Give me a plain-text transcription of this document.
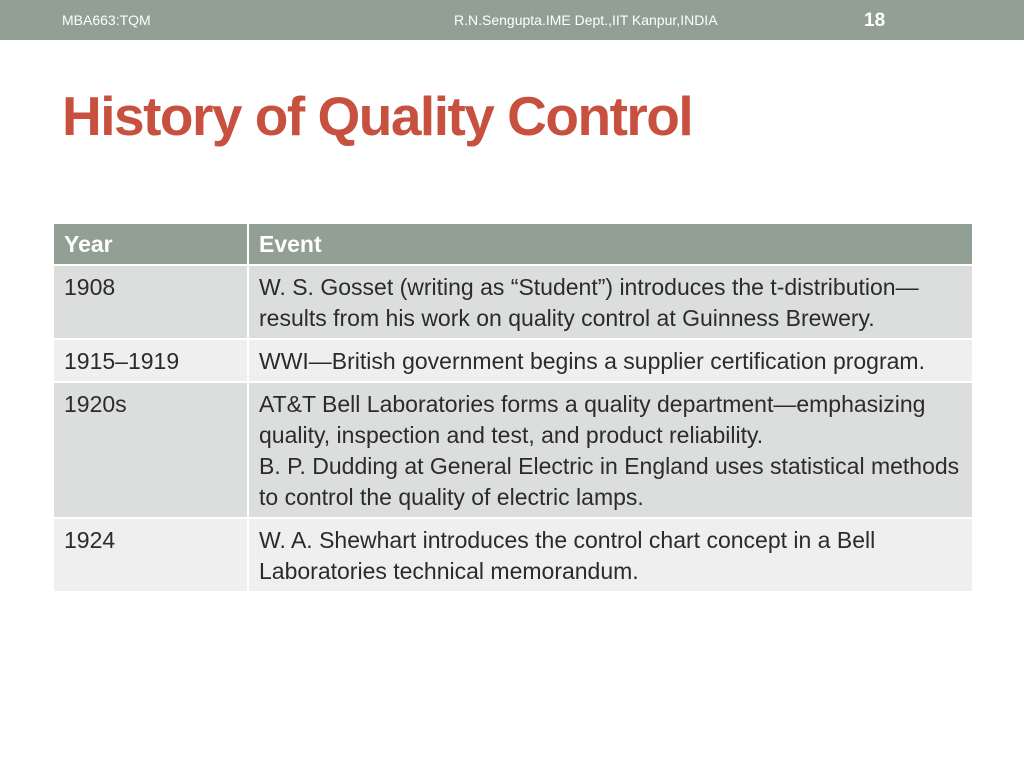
MBA663:TQM	R.N.Sengupta.IME Dept.,IIT Kanpur,INDIA	18
History of Quality Control
Year	Event
1908	W. S. Gosset (writing as “Student”) introduces the t-distribution—results from his work on quality control at Guinness Brewery.

1915–1919	WWI—British government begins a supplier certification program.

1920s	AT&T Bell Laboratories forms a quality department—emphasizing quality, inspection and test, and product reliability.
B. P. Dudding at General Electric in England uses statistical methods to control the quality of electric lamps.

1924	W. A. Shewhart introduces the control chart concept in a Bell Laboratories technical memorandum.
